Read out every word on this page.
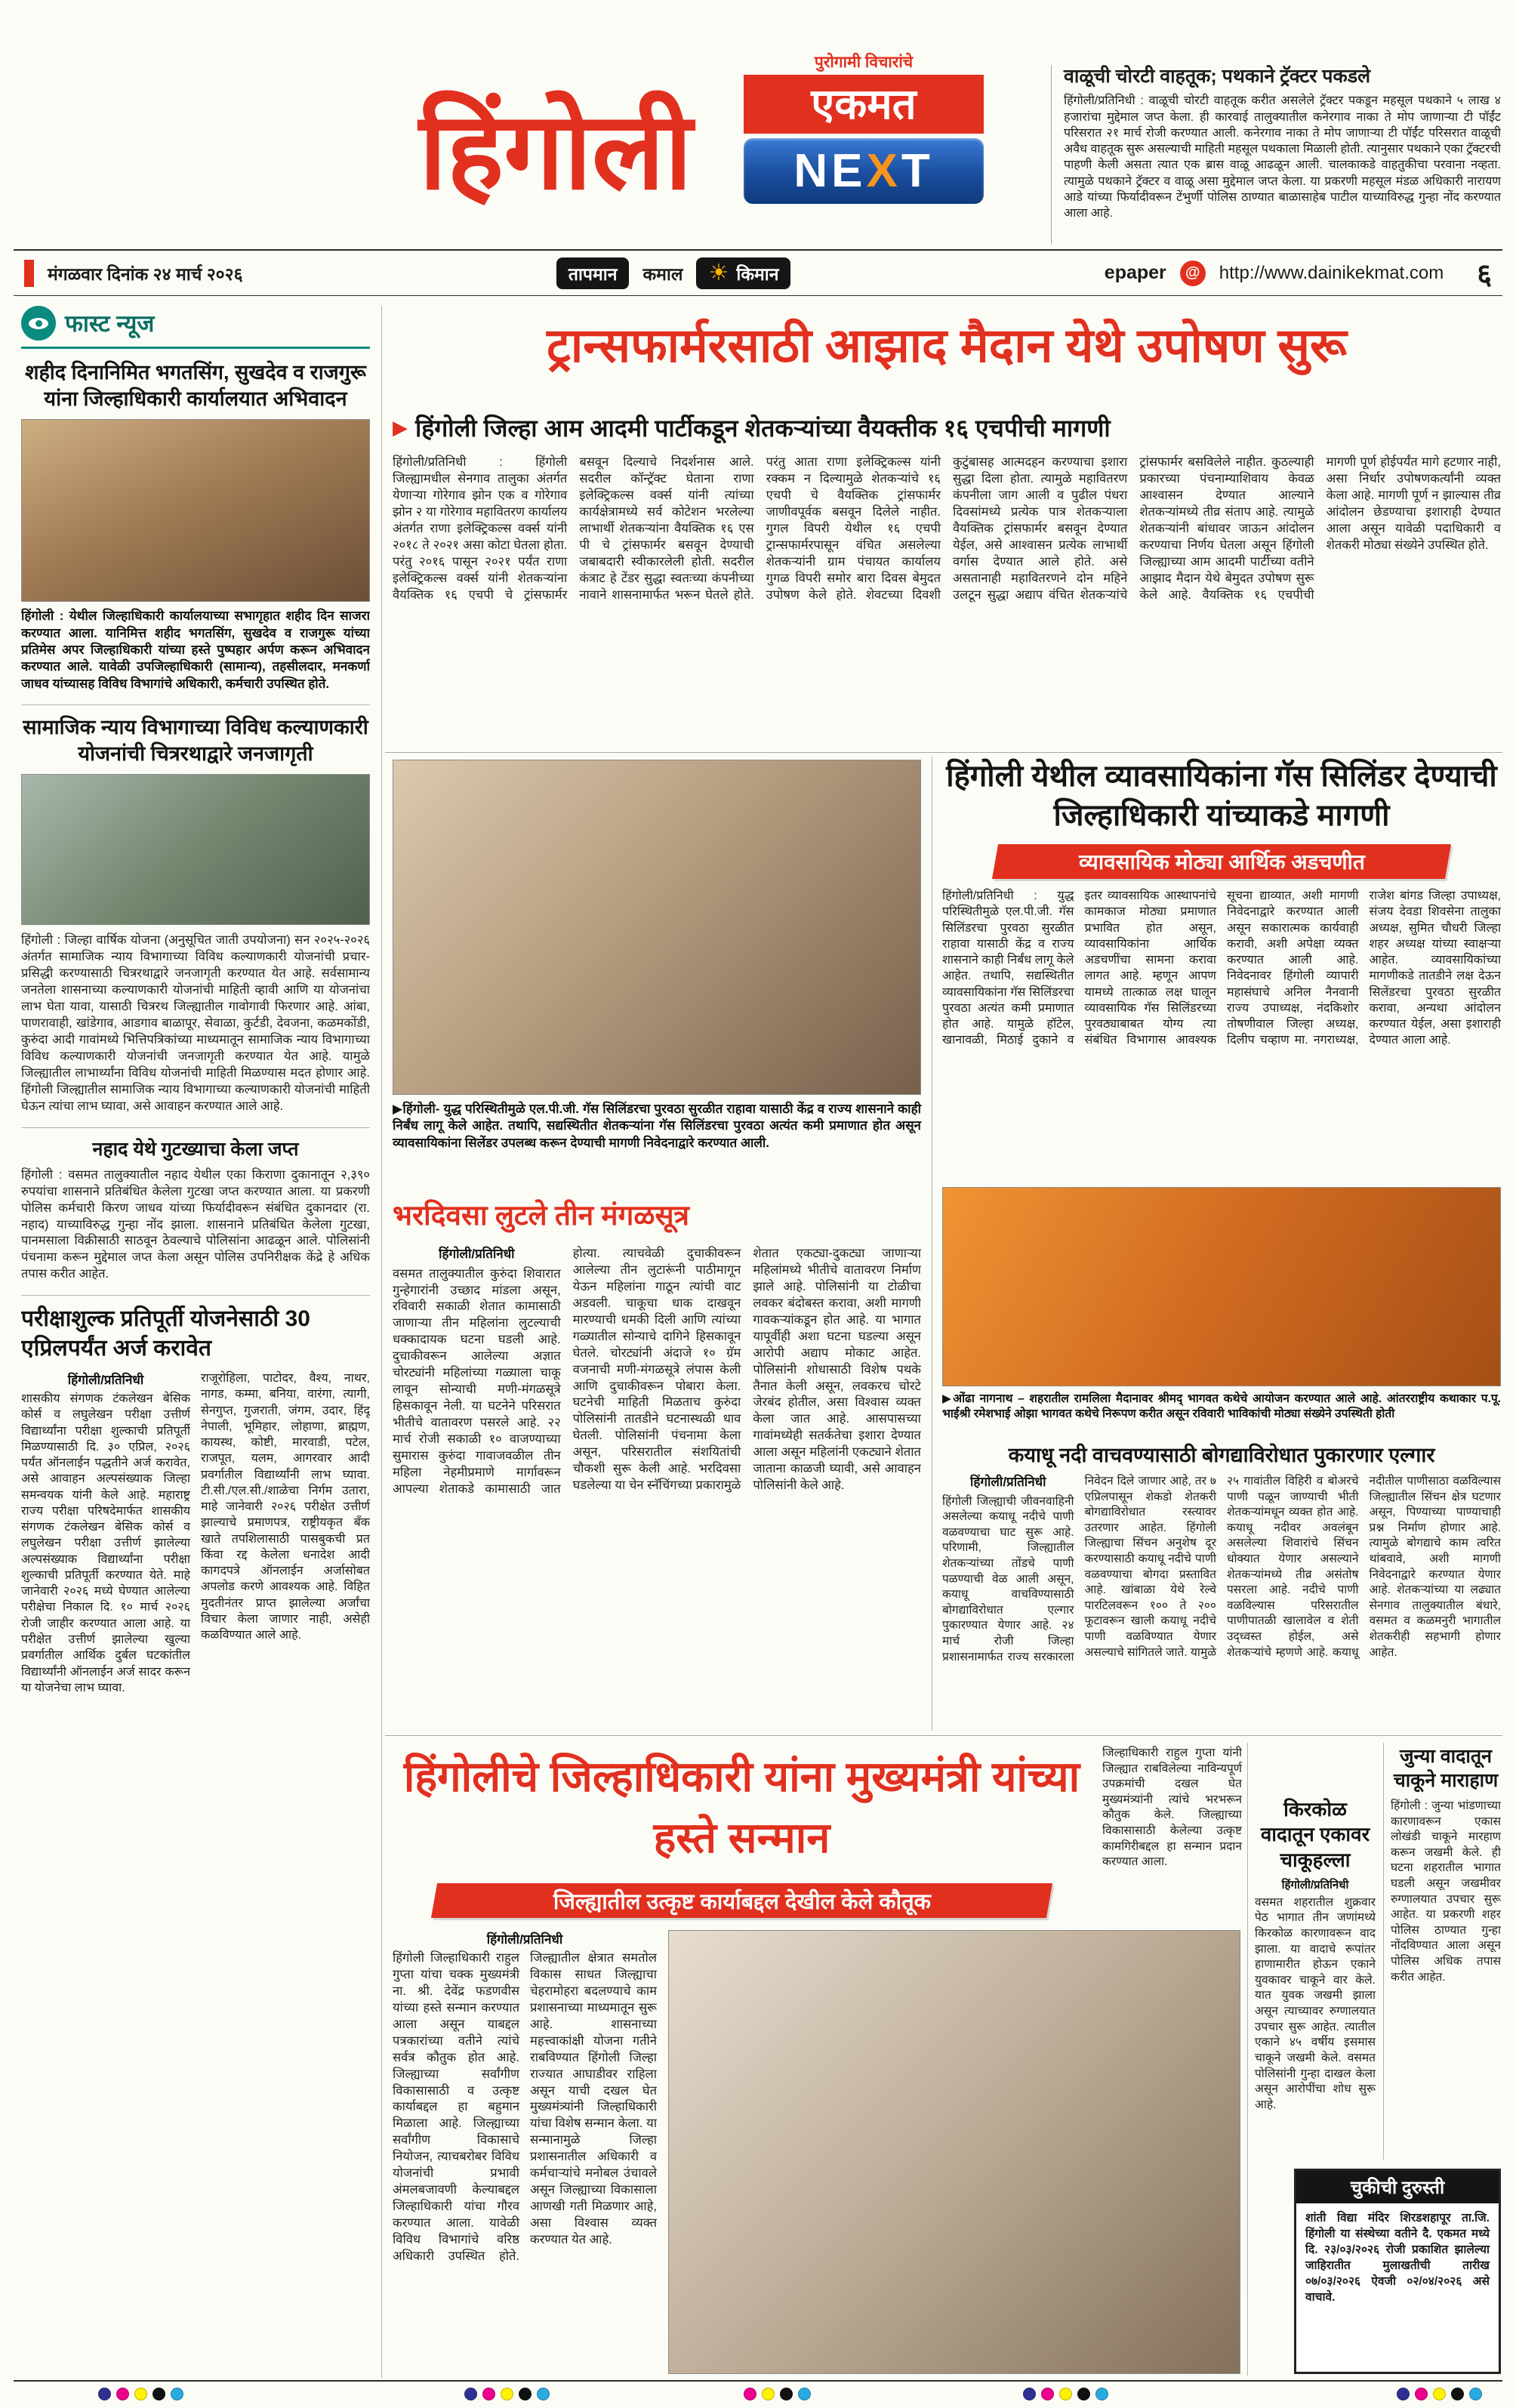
हिंगोली
पुरोगामी विचारांचे
एकमत
NEXT
वाळूची चोरटी वाहतूक; पथकाने ट्रॅक्टर पकडले

हिंगोली/प्रतिनिधी : वाळूची चोरटी वाहतूक करीत असलेले ट्रॅक्टर पकडून महसूल पथकाने ५ लाख ४ हजारांचा मुद्देमाल जप्त केला. ही कारवाई तालुक्यातील कनेरगाव नाका ते मोप जाणाऱ्या टी पॉईंट परिसरात २१ मार्च रोजी करण्यात आली. कनेरगाव नाका ते मोप जाणाऱ्या टी पॉईंट परिसरात वाळूची अवैध वाहतूक सुरू असल्याची माहिती महसूल पथकाला मिळाली होती. त्यानुसार पथकाने एका ट्रॅक्टरची पाहणी केली असता त्यात एक ब्रास वाळू आढळून आली. चालकाकडे वाहतुकीचा परवाना नव्हता. त्यामुळे पथकाने ट्रॅक्टर व वाळू असा मुद्देमाल जप्त केला. या प्रकरणी महसूल मंडळ अधिकारी नारायण आडे यांच्या फिर्यादीवरून टेंभुर्णी पोलिस ठाण्यात बाळासाहेब पाटील याच्याविरुद्ध गुन्हा नोंद करण्यात आला आहे.

मंगळवार दिनांक २४ मार्च २०२६	तापमान कमाल ☀ किमान	epaper	@	http://www.dainikekmat.com ६
फास्ट न्यूज
शहीद दिनानिमित भगतसिंग, सुखदेव व राजगुरू यांना जिल्हाधिकारी कार्यालयात अभिवादन

हिंगोली : येथील जिल्हाधिकारी कार्यालयाच्या सभागृहात शहीद दिन साजरा करण्यात आला. यानिमित्त शहीद भगतसिंग, सुखदेव व राजगुरू यांच्या प्रतिमेस अपर जिल्हाधिकारी यांच्या हस्ते पुष्पहार अर्पण करून अभिवादन करण्यात आले. यावेळी उपजिल्हाधिकारी (सामान्य), तहसीलदार, मनकर्णा जाधव यांच्यासह विविध विभागांचे अधिकारी, कर्मचारी उपस्थित होते.

सामाजिक न्याय विभागाच्या विविध कल्याणकारी योजनांची चित्ररथाद्वारे जनजागृती

हिंगोली : जिल्हा वार्षिक योजना (अनुसूचित जाती उपयोजना) सन २०२५-२०२६ अंतर्गत सामाजिक न्याय विभागाच्या विविध कल्याणकारी योजनांची प्रचार-प्रसिद्धी करण्यासाठी चित्ररथाद्वारे जनजागृती करण्यात येत आहे. सर्वसामान्य जनतेला शासनाच्या कल्याणकारी योजनांची माहिती व्हावी आणि या योजनांचा लाभ घेता यावा, यासाठी चित्ररथ जिल्ह्यातील गावोगावी फिरणार आहे. आंबा, पाणरावाही, खांडेगाव, आडगाव बाळापूर, सेवाळा, कुर्टडी, देवजना, कळमकोंडी, कुरुंदा आदी गावांमध्ये भित्तिपत्रिकांच्या माध्यमातून सामाजिक न्याय विभागाच्या विविध कल्याणकारी योजनांची जनजागृती करण्यात येत आहे. यामुळे जिल्ह्यातील लाभार्थ्यांना विविध योजनांची माहिती मिळण्यास मदत होणार आहे. हिंगोली जिल्ह्यातील सामाजिक न्याय विभागाच्या कल्याणकारी योजनांची माहिती घेऊन त्यांचा लाभ घ्यावा, असे आवाहन करण्यात आले आहे.

नहाद येथे गुटख्याचा केला जप्त

हिंगोली : वसमत तालुक्यातील नहाद येथील एका किराणा दुकानातून २,३९० रुपयांचा शासनाने प्रतिबंधित केलेला गुटखा जप्त करण्यात आला. या प्रकरणी पोलिस कर्मचारी किरण जाधव यांच्या फिर्यादीवरून संबंधित दुकानदार (रा. नहाद) याच्याविरुद्ध गुन्हा नोंद झाला. शासनाने प्रतिबंधित केलेला गुटखा, पानमसाला विक्रीसाठी साठवून ठेवल्याचे पोलिसांना आढळून आले. पोलिसांनी पंचनामा करून मुद्देमाल जप्त केला असून पोलिस उपनिरीक्षक केंद्रे हे अधिक तपास करीत आहेत.

परीक्षाशुल्क प्रतिपूर्ती योजनेसाठी 30 एप्रिलपर्यंत अर्ज करावेत
हिंगोली/प्रतिनिधी

शासकीय संगणक टंकलेखन बेसिक कोर्स व लघुलेखन परीक्षा उत्तीर्ण विद्यार्थ्यांना परीक्षा शुल्काची प्रतिपूर्ती मिळण्यासाठी दि. ३० एप्रिल, २०२६ पर्यंत ऑनलाईन पद्धतीने अर्ज करावेत, असे आवाहन अल्पसंख्याक जिल्हा समन्वयक यांनी केले आहे. महाराष्ट्र राज्य परीक्षा परिषदेमार्फत शासकीय संगणक टंकलेखन बेसिक कोर्स व लघुलेखन परीक्षा उत्तीर्ण झालेल्या अल्पसंख्याक विद्यार्थ्यांना परीक्षा शुल्काची प्रतिपूर्ती करण्यात येते. माहे जानेवारी २०२६ मध्ये घेण्यात आलेल्या परीक्षेचा निकाल दि. १० मार्च २०२६ रोजी जाहीर करण्यात आला आहे. या परीक्षेत उत्तीर्ण झालेल्या खुल्या प्रवर्गातील आर्थिक दुर्बल घटकांतील विद्यार्थ्यांनी ऑनलाईन अर्ज सादर करून या योजनेचा लाभ घ्यावा.

राजूरोहिला, पाटोदर, वैश्य, नाथर, नागड, कम्मा, बनिया, वारंगा, त्यागी, सेनगुप्त, गुजराती, जंगम, उदार, हिंदू नेपाली, भूमिहार, लोहाणा, ब्राह्मण, कायस्थ, कोष्टी, मारवाडी, पटेल, राजपूत, यलम, आगरवार आदी प्रवर्गातील विद्यार्थ्यांनी लाभ घ्यावा. टी.सी./एल.सी./शाळेचा निर्गम उतारा, माहे जानेवारी २०२६ परीक्षेत उत्तीर्ण झाल्याचे प्रमाणपत्र, राष्ट्रीयकृत बँक खाते तपशिलासाठी पासबुकची प्रत किंवा रद्द केलेला धनादेश आदी कागदपत्रे ऑनलाईन अर्जासोबत अपलोड करणे आवश्यक आहे. विहित मुदतीनंतर प्राप्त झालेल्या अर्जांचा विचार केला जाणार नाही, असेही कळविण्यात आले आहे.

ट्रान्सफार्मरसाठी आझाद मैदान येथे उपोषण सुरू
▶ हिंगोली जिल्हा आम आदमी पार्टीकडून शेतकऱ्यांच्या वैयक्तीक १६ एचपीची मागणी
हिंगोली/प्रतिनिधी : हिंगोली जिल्ह्यामधील सेनगाव तालुका अंतर्गत येणाऱ्या गोरेगाव झोन एक व गोरेगाव झोन २ या गोरेगाव महावितरण कार्यालय अंतर्गत राणा इलेक्ट्रिकल्स वर्क्स यांनी २०१८ ते २०२१ असा कोटा घेतला होता. परंतु २०१६ पासून २०२१ पर्यंत राणा इलेक्ट्रिकल्स वर्क्स यांनी शेतकऱ्यांना वैयक्तिक १६ एचपी चे ट्रांसफार्मर बसवून दिल्याचे निदर्शनास आले. सदरील कॉन्ट्रॅक्ट घेताना राणा इलेक्ट्रिकल्स वर्क्स यांनी त्यांच्या कार्यक्षेत्रामध्ये सर्व कोटेशन भरलेल्या लाभार्थी शेतकऱ्यांना वैयक्तिक १६ एस पी चे ट्रांसफार्मर बसवून देण्याची जबाबदारी स्वीकारलेली होती. सदरील कंत्राट हे टेंडर सुद्धा स्वतःच्या कंपनीच्या नावाने शासनामार्फत भरून घेतले होते. परंतु आता राणा इलेक्ट्रिकल्स यांनी रक्कम न दिल्यामुळे शेतकऱ्यांचे १६ एचपी चे वैयक्तिक ट्रांसफार्मर जाणीवपूर्वक बसवून दिलेले नाहीत. गुगल विपरी येथील १६ एचपी ट्रान्सफार्मरपासून वंचित असलेल्या शेतकऱ्यांनी ग्राम पंचायत कार्यालय गुगळ विपरी समोर बारा दिवस बेमुदत उपोषण केले होते. शेवटच्या दिवशी कुटुंबासह आत्मदहन करण्याचा इशारा सुद्धा दिला होता. त्यामुळे महावितरण कंपनीला जाग आली व पुढील पंधरा दिवसांमध्ये प्रत्येक पात्र शेतकऱ्याला वैयक्तिक ट्रांसफार्मर बसवून देण्यात येईल, असे आश्वासन प्रत्येक लाभार्थी वर्गास देण्यात आले होते. असे असतानाही महावितरणने दोन महिने उलटून सुद्धा अद्याप वंचित शेतकऱ्यांचे ट्रांसफार्मर बसविलेले नाहीत. कुठल्याही प्रकारच्या पंचनाम्याशिवाय केवळ आश्वासन देण्यात आल्याने शेतकऱ्यांमध्ये तीव्र संताप आहे. त्यामुळे शेतकऱ्यांनी बांधावर जाऊन आंदोलन करण्याचा निर्णय घेतला असून हिंगोली जिल्ह्याच्या आम आदमी पार्टीच्या वतीने आझाद मैदान येथे बेमुदत उपोषण सुरू केले आहे. वैयक्तिक १६ एचपीची मागणी पूर्ण होईपर्यंत मागे हटणार नाही, असा निर्धार उपोषणकर्त्यांनी व्यक्त केला आहे. मागणी पूर्ण न झाल्यास तीव्र आंदोलन छेडण्याचा इशाराही देण्यात आला असून यावेळी पदाधिकारी व शेतकरी मोठ्या संख्येने उपस्थित होते.

▶हिंगोली- युद्ध परिस्थितीमुळे एल.पी.जी. गॅस सिलिंडरचा पुरवठा सुरळीत राहावा यासाठी केंद्र व राज्य शासनाने काही निर्बंध लागू केले आहेत. तथापि, सद्यस्थितीत शेतकऱ्यांना गॅस सिलिंडरचा पुरवठा अत्यंत कमी प्रमाणात होत असून व्यावसायिकांना सिलेंडर उपलब्ध करून देण्याची मागणी निवेदनाद्वारे करण्यात आली.

हिंगोली येथील व्यावसायिकांना गॅस सिलिंडर देण्याची जिल्हाधिकारी यांच्याकडे मागणी
व्यावसायिक मोठ्या आर्थिक अडचणीत
हिंगोली/प्रतिनिधी : युद्ध परिस्थितीमुळे एल.पी.जी. गॅस सिलिंडरचा पुरवठा सुरळीत राहावा यासाठी केंद्र व राज्य शासनाने काही निर्बंध लागू केले आहेत. तथापि, सद्यस्थितीत व्यावसायिकांना गॅस सिलिंडरचा पुरवठा अत्यंत कमी प्रमाणात होत आहे. यामुळे हॉटेल, खानावळी, मिठाई दुकाने व इतर व्यावसायिक आस्थापनांचे कामकाज मोठ्या प्रमाणात प्रभावित होत असून, व्यावसायिकांना आर्थिक अडचणींचा सामना करावा लागत आहे. म्हणून आपण यामध्ये तात्काळ लक्ष घालून व्यावसायिक गॅस सिलिंडरच्या पुरवठ्याबाबत योग्य त्या संबंधित विभागास आवश्यक सूचना द्याव्यात, अशी मागणी निवेदनाद्वारे करण्यात आली असून सकारात्मक कार्यवाही करावी, अशी अपेक्षा व्यक्त करण्यात आली आहे. निवेदनावर हिंगोली व्यापारी महासंघाचे अनिल नैनवानी राज्य उपाध्यक्ष, नंदकिशोर तोषणीवाल जिल्हा अध्यक्ष, दिलीप चव्हाण मा. नगराध्यक्ष, राजेश बांगड जिल्हा उपाध्यक्ष, संजय देवडा शिवसेना तालुका अध्यक्ष, सुमित चौधरी जिल्हा शहर अध्यक्ष यांच्या स्वाक्षऱ्या आहेत. व्यावसायिकांच्या मागणीकडे तातडीने लक्ष देऊन सिलेंडरचा पुरवठा सुरळीत करावा, अन्यथा आंदोलन करण्यात येईल, असा इशाराही देण्यात आला आहे.
भरदिवसा लुटले तीन मंगळसूत्र
हिंगोली/प्रतिनिधी
वसमत तालुक्यातील कुरुंदा शिवारात गुन्हेगारांनी उच्छाद मांडला असून, रविवारी सकाळी शेतात कामासाठी जाणाऱ्या तीन महिलांना लुटल्याची धक्कादायक घटना घडली आहे. दुचाकीवरून आलेल्या अज्ञात चोरट्यांनी महिलांच्या गळ्याला चाकू लावून सोन्याची मणी-मंगळसूत्रे हिसकावून नेली. या घटनेने परिसरात भीतीचे वातावरण पसरले आहे. २२ मार्च रोजी सकाळी १० वाजण्याच्या सुमारास कुरुंदा गावाजवळील तीन महिला नेहमीप्रमाणे मार्गावरून आपल्या शेताकडे कामासाठी जात होत्या. त्याचवेळी दुचाकीवरून आलेल्या तीन लुटारूंनी पाठीमागून येऊन महिलांना गाठून त्यांची वाट अडवली. चाकूचा धाक दाखवून मारण्याची धमकी दिली आणि त्यांच्या गळ्यातील सोन्याचे दागिने हिसकावून घेतले. चोरट्यांनी अंदाजे १० ग्रॅम वजनाची मणी-मंगळसूत्रे लंपास केली आणि दुचाकीवरून पोबारा केला. घटनेची माहिती मिळताच कुरुंदा पोलिसांनी तातडीने घटनास्थळी धाव घेतली. पोलिसांनी पंचनामा केला असून, परिसरातील संशयितांची चौकशी सुरू केली आहे. भरदिवसा घडलेल्या या चेन स्नॅचिंगच्या प्रकारामुळे शेतात एकट्या-दुकट्या जाणाऱ्या महिलांमध्ये भीतीचे वातावरण निर्माण झाले आहे. पोलिसांनी या टोळीचा लवकर बंदोबस्त करावा, अशी मागणी गावकऱ्यांकडून होत आहे. या भागात यापूर्वीही अशा घटना घडल्या असून आरोपी अद्याप मोकाट आहेत. पोलिसांनी शोधासाठी विशेष पथके तैनात केली असून, लवकरच चोरटे जेरबंद होतील, असा विश्वास व्यक्त केला जात आहे. आसपासच्या गावांमध्येही सतर्कतेचा इशारा देण्यात आला असून महिलांनी एकट्याने शेतात जाताना काळजी घ्यावी, असे आवाहन पोलिसांनी केले आहे.

▶ओंढा नागनाथ – शहरातील रामलिला मैदानावर श्रीमद् भागवत कथेचे आयोजन करण्यात आले आहे. आंतरराष्ट्रीय कथाकार प.पू. भाईश्री रमेशभाई ओझा भागवत कथेचे निरूपण करीत असून रविवारी भाविकांची मोठ्या संख्येने उपस्थिती होती

कयाधू नदी वाचवण्यासाठी बोगद्याविरोधात पुकारणार एल्गार
हिंगोली/प्रतिनिधी
हिंगोली जिल्ह्याची जीवनवाहिनी असलेल्या कयाधू नदीचे पाणी वळवण्याचा घाट सुरू आहे. परिणामी, जिल्ह्यातील शेतकऱ्यांच्या तोंडचे पाणी पळण्याची वेळ आली असून, कयाधू वाचविण्यासाठी बोगद्याविरोधात एल्गार पुकारण्यात येणार आहे. २४ मार्च रोजी जिल्हा प्रशासनामार्फत राज्य सरकारला निवेदन दिले जाणार आहे, तर ७ एप्रिलपासून शेकडो शेतकरी बोगद्याविरोधात रस्त्यावर उतरणार आहेत. हिंगोली जिल्ह्याचा सिंचन अनुशेष दूर करण्यासाठी कयाधू नदीचे पाणी वळवण्याचा बोगदा प्रस्तावित आहे. खांबाळा येथे रेल्वे पारटिलवरून १०० ते २०० फूटावरून खाली कयाधू नदीचे पाणी वळविण्यात येणार असल्याचे सांगितले जाते. यामुळे २५ गावांतील विहिरी व बोअरचे पाणी पळून जाण्याची भीती शेतकऱ्यांमधून व्यक्त होत आहे. कयाधू नदीवर अवलंबून असलेल्या शिवारांचे सिंचन धोक्यात येणार असल्याने शेतकऱ्यांमध्ये तीव्र असंतोष पसरला आहे. नदीचे पाणी वळविल्यास परिसरातील पाणीपातळी खालावेल व शेती उद्ध्वस्त होईल, असे शेतकऱ्यांचे म्हणणे आहे. कयाधू नदीतील पाणीसाठा वळविल्यास जिल्ह्यातील सिंचन क्षेत्र घटणार असून, पिण्याच्या पाण्याचाही प्रश्न निर्माण होणार आहे. त्यामुळे बोगद्याचे काम त्वरित थांबवावे, अशी मागणी निवेदनाद्वारे करण्यात येणार आहे. शेतकऱ्यांच्या या लढ्यात सेनगाव तालुक्यातील बंधारे, वसमत व कळमनुरी भागातील शेतकरीही सहभागी होणार आहेत.
हिंगोलीचे जिल्हाधिकारी यांना मुख्यमंत्री यांच्या हस्ते सन्मान
जिल्ह्यातील उत्कृष्ट कार्याबद्दल देखील केले कौतूक

जिल्हाधिकारी राहुल गुप्ता यांनी जिल्ह्यात राबविलेल्या नाविन्यपूर्ण उपक्रमांची दखल घेत मुख्यमंत्र्यांनी त्यांचे भरभरून कौतुक केले. जिल्ह्याच्या विकासासाठी केलेल्या उत्कृष्ट कामगिरीबद्दल हा सन्मान प्रदान करण्यात आला.

हिंगोली/प्रतिनिधी
हिंगोली जिल्हाधिकारी राहुल गुप्ता यांचा चक्क मुख्यमंत्री ना. श्री. देवेंद्र फडणवीस यांच्या हस्ते सन्मान करण्यात आला असून याबद्दल पत्रकारांच्या वतीने त्यांचे सर्वत्र कौतुक होत आहे. जिल्ह्याच्या सर्वांगीण विकासासाठी व उत्कृष्ट कार्याबद्दल हा बहुमान मिळाला आहे. जिल्ह्याच्या सर्वांगीण विकासाचे नियोजन, त्याचबरोबर विविध योजनांची प्रभावी अंमलबजावणी केल्याबद्दल जिल्हाधिकारी यांचा गौरव करण्यात आला. यावेळी विविध विभागांचे वरिष्ठ अधिकारी उपस्थित होते. जिल्ह्यातील क्षेत्रात समतोल विकास साधत जिल्ह्याचा चेहरामोहरा बदलण्याचे काम प्रशासनाच्या माध्यमातून सुरू आहे. शासनाच्या महत्त्वाकांक्षी योजना गतीने राबविण्यात हिंगोली जिल्हा राज्यात आघाडीवर राहिला असून याची दखल घेत मुख्यमंत्र्यांनी जिल्हाधिकारी यांचा विशेष सन्मान केला. या सन्मानामुळे जिल्हा प्रशासनातील अधिकारी व कर्मचाऱ्यांचे मनोबल उंचावले असून जिल्ह्याच्या विकासाला आणखी गती मिळणार आहे, असा विश्वास व्यक्त करण्यात येत आहे.
किरकोळ वादातून एकावर चाकूहल्ला
हिंगोली/प्रतिनिधी

वसमत शहरातील शुक्रवार पेठ भागात तीन जणांमध्ये किरकोळ कारणावरून वाद झाला. या वादाचे रूपांतर हाणामारीत होऊन एकाने युवकावर चाकूने वार केले. यात युवक जखमी झाला असून त्याच्यावर रुग्णालयात उपचार सुरू आहेत. त्यातील एकाने ४५ वर्षीय इसमास चाकूने जखमी केले. वसमत पोलिसांनी गुन्हा दाखल केला असून आरोपींचा शोध सुरू आहे.

जुन्या वादातून चाकूने माराहाण

हिंगोली : जुन्या भांडणाच्या कारणावरून एकास लोखंडी चाकूने मारहाण करून जखमी केले. ही घटना शहरातील भागात घडली असून जखमीवर रुग्णालयात उपचार सुरू आहेत. या प्रकरणी शहर पोलिस ठाण्यात गुन्हा नोंदविण्यात आला असून पोलिस अधिक तपास करीत आहेत.

चुकीची दुरुस्ती

शांती विद्या मंदिर शिरडशहापूर ता.जि. हिंगोली या संस्थेच्या वतीने दै. एकमत मध्ये दि. २३/०३/२०२६ रोजी प्रकाशित झालेल्या जाहिरातीत मुलाखतीची तारीख ०७/०३/२०२६ ऐवजी ०२/०४/२०२६ असे वाचावे.
